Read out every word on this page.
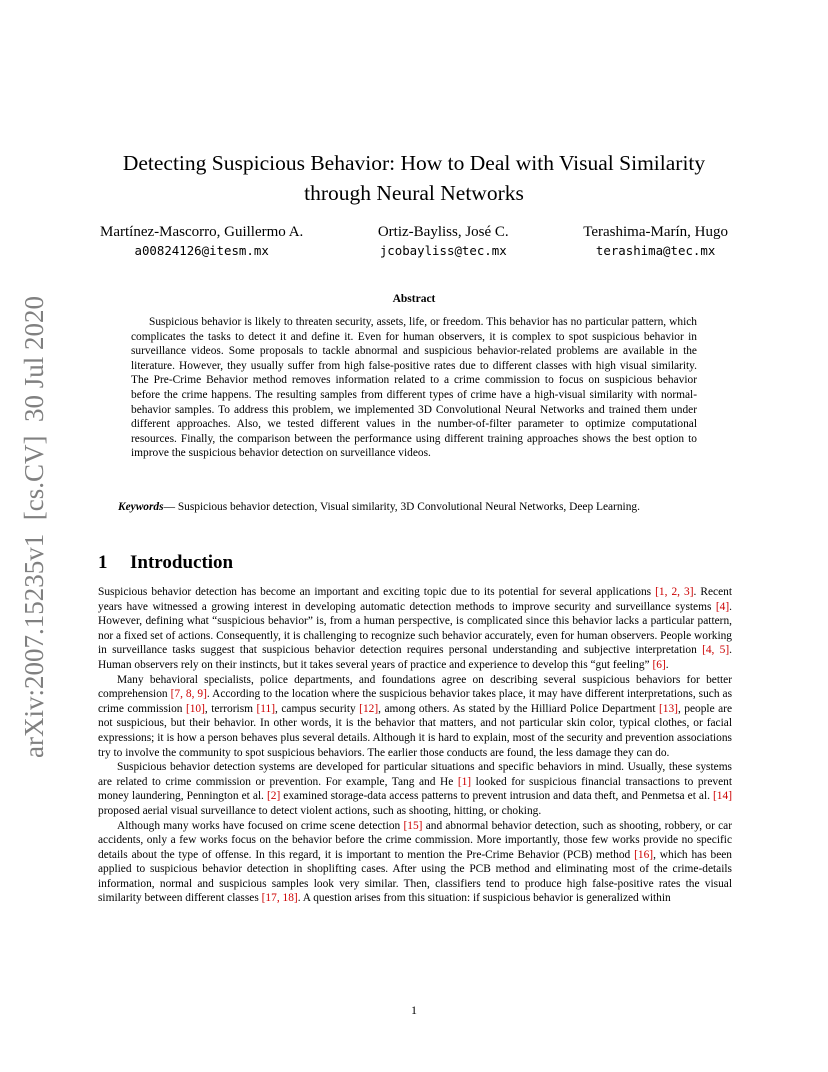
arXiv:2007.15235v1  [cs.CV]  30 Jul 2020
Detecting Suspicious Behavior: How to Deal with Visual Similarity through Neural Networks
Martínez-Mascorro, Guillermo A.
a00824126@itesm.mx
Ortiz-Bayliss, José C.
jcobayliss@tec.mx
Terashima-Marín, Hugo
terashima@tec.mx
Abstract

Suspicious behavior is likely to threaten security, assets, life, or freedom. This behavior has no particular pattern, which complicates the tasks to detect it and define it. Even for human observers, it is complex to spot suspicious behavior in surveillance videos. Some proposals to tackle abnormal and suspicious behavior-related problems are available in the literature. However, they usually suffer from high false-positive rates due to different classes with high visual similarity. The Pre-Crime Behavior method removes information related to a crime commission to focus on suspicious behavior before the crime happens. The resulting samples from different types of crime have a high-visual similarity with normal-behavior samples. To address this problem, we implemented 3D Convolutional Neural Networks and trained them under different approaches. Also, we tested different values in the number-of-filter parameter to optimize computational resources. Finally, the comparison between the performance using different training approaches shows the best option to improve the suspicious behavior detection on surveillance videos.

Keywords— Suspicious behavior detection, Visual similarity, 3D Convolutional Neural Networks, Deep Learning.

1 Introduction

Suspicious behavior detection has become an important and exciting topic due to its potential for several applications [1, 2, 3]. Recent years have witnessed a growing interest in developing automatic detection methods to improve security and surveillance systems [4]. However, defining what “suspicious behavior” is, from a human perspective, is complicated since this behavior lacks a particular pattern, nor a fixed set of actions. Consequently, it is challenging to recognize such behavior accurately, even for human observers. People working in surveillance tasks suggest that suspicious behavior detection requires personal understanding and subjective interpretation [4, 5]. Human observers rely on their instincts, but it takes several years of practice and experience to develop this “gut feeling” [6].

Many behavioral specialists, police departments, and foundations agree on describing several suspicious behaviors for better comprehension [7, 8, 9]. According to the location where the suspicious behavior takes place, it may have different interpretations, such as crime commission [10], terrorism [11], campus security [12], among others. As stated by the Hilliard Police Department [13], people are not suspicious, but their behavior. In other words, it is the behavior that matters, and not particular skin color, typical clothes, or facial expressions; it is how a person behaves plus several details. Although it is hard to explain, most of the security and prevention associations try to involve the community to spot suspicious behaviors. The earlier those conducts are found, the less damage they can do.

Suspicious behavior detection systems are developed for particular situations and specific behaviors in mind. Usually, these systems are related to crime commission or prevention. For example, Tang and He [1] looked for suspicious financial transactions to prevent money laundering, Pennington et al. [2] examined storage-data access patterns to prevent intrusion and data theft, and Penmetsa et al. [14] proposed aerial visual surveillance to detect violent actions, such as shooting, hitting, or choking.

Although many works have focused on crime scene detection [15] and abnormal behavior detection, such as shooting, robbery, or car accidents, only a few works focus on the behavior before the crime commission. More importantly, those few works provide no specific details about the type of offense. In this regard, it is important to mention the Pre-Crime Behavior (PCB) method [16], which has been applied to suspicious behavior detection in shoplifting cases. After using the PCB method and eliminating most of the crime-details information, normal and suspicious samples look very similar. Then, classifiers tend to produce high false-positive rates the visual similarity between different classes [17, 18]. A question arises from this situation: if suspicious behavior is generalized within

1
